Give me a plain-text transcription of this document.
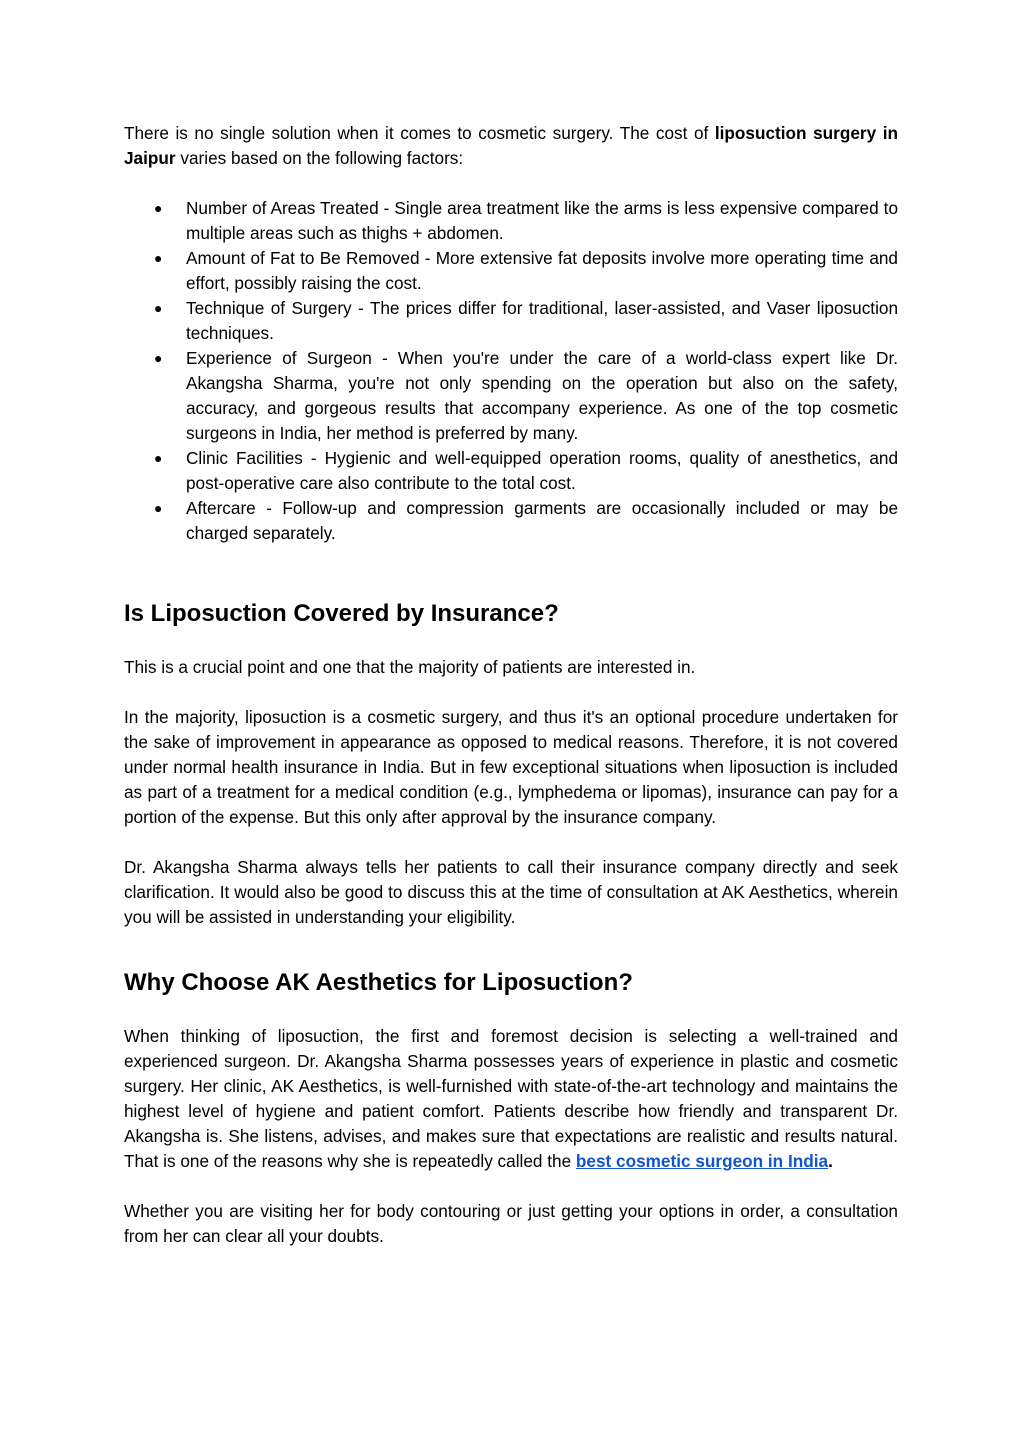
There is no single solution when it comes to cosmetic surgery. The cost of liposuction surgery in Jaipur varies based on the following factors:

● Number of Areas Treated - Single area treatment like the arms is less expensive compared to multiple areas such as thighs + abdomen.
● Amount of Fat to Be Removed - More extensive fat deposits involve more operating time and effort, possibly raising the cost.
● Technique of Surgery - The prices differ for traditional, laser-assisted, and Vaser liposuction techniques.
● Experience of Surgeon - When you're under the care of a world-class expert like Dr. Akangsha Sharma, you're not only spending on the operation but also on the safety, accuracy, and gorgeous results that accompany experience. As one of the top cosmetic surgeons in India, her method is preferred by many.
● Clinic Facilities - Hygienic and well-equipped operation rooms, quality of anesthetics, and post-operative care also contribute to the total cost.
● Aftercare - Follow-up and compression garments are occasionally included or may be charged separately.
Is Liposuction Covered by Insurance?

This is a crucial point and one that the majority of patients are interested in.

In the majority, liposuction is a cosmetic surgery, and thus it's an optional procedure undertaken for the sake of improvement in appearance as opposed to medical reasons. Therefore, it is not covered under normal health insurance in India. But in few exceptional situations when liposuction is included as part of a treatment for a medical condition (e.g., lymphedema or lipomas), insurance can pay for a portion of the expense. But this only after approval by the insurance company.

Dr. Akangsha Sharma always tells her patients to call their insurance company directly and seek clarification. It would also be good to discuss this at the time of consultation at AK Aesthetics, wherein you will be assisted in understanding your eligibility.

Why Choose AK Aesthetics for Liposuction?

When thinking of liposuction, the first and foremost decision is selecting a well-trained and experienced surgeon. Dr. Akangsha Sharma possesses years of experience in plastic and cosmetic surgery. Her clinic, AK Aesthetics, is well-furnished with state-of-the-art technology and maintains the highest level of hygiene and patient comfort. Patients describe how friendly and transparent Dr. Akangsha is. She listens, advises, and makes sure that expectations are realistic and results natural. That is one of the reasons why she is repeatedly called the best cosmetic surgeon in India.

Whether you are visiting her for body contouring or just getting your options in order, a consultation from her can clear all your doubts.
